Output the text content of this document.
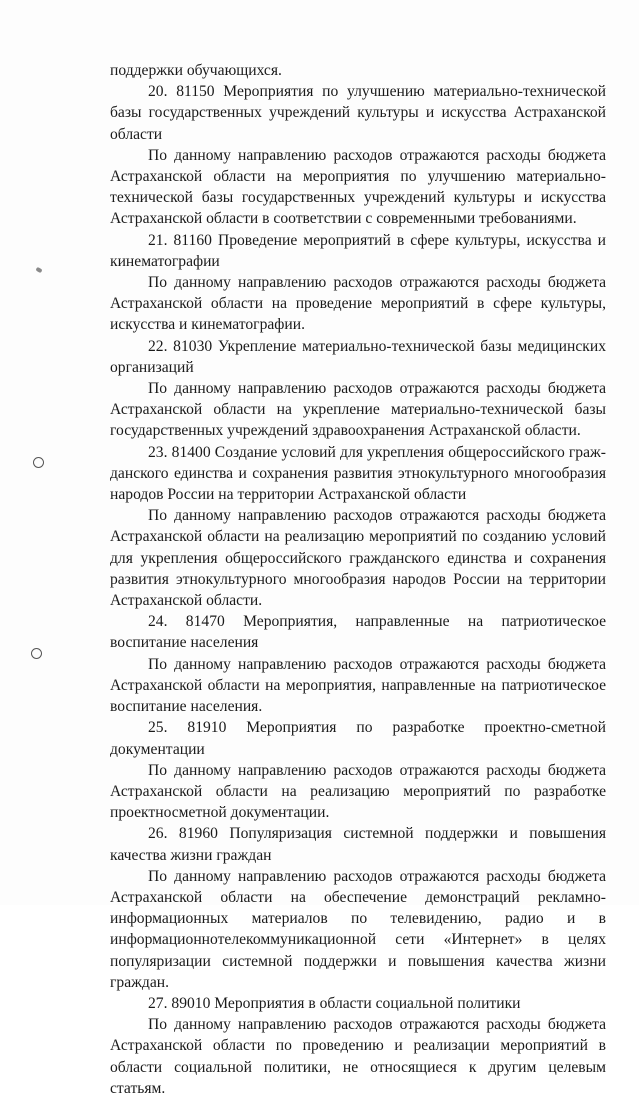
поддержки обучающихся.

20. 81150 Мероприятия по улучшению материально-технической базы государственных учреждений культуры и искусства Астраханской области

По данному направлению расходов отражаются расходы бюджета Астраханской области на мероприятия по улучшению материально-технической базы государственных учреждений культуры и искусства Астраханской области в соответствии с современными требованиями.

21. 81160 Проведение мероприятий в сфере культуры, искусства и кинематографии

По данному направлению расходов отражаются расходы бюджета Астраханской области на проведение мероприятий в сфере культуры, искусства и кинематографии.

22. 81030 Укрепление материально-технической базы медицинских организаций

По данному направлению расходов отражаются расходы бюджета Астраханской области на укрепление материально-технической базы государственных учреждений здравоохранения Астраханской области.

23. 81400 Создание условий для укрепления общероссийского гражданского единства и сохранения развития этнокультурного многообразия народов России на территории Астраханской области

По данному направлению расходов отражаются расходы бюджета Астраханской области на реализацию мероприятий по созданию условий для укрепления общероссийского гражданского единства и сохранения развития этнокультурного многообразия народов России на территории Астраханской области.

24. 81470 Мероприятия, направленные на патриотическое воспитание населения

По данному направлению расходов отражаются расходы бюджета Астраханской области на мероприятия, направленные на патриотическое воспитание населения.

25. 81910 Мероприятия по разработке проектно-сметной документации

По данному направлению расходов отражаются расходы бюджета Астраханской области на реализацию мероприятий по разработке проектносметной документации.

26. 81960 Популяризация системной поддержки и повышения качества жизни граждан

По данному направлению расходов отражаются расходы бюджета Астраханской области на обеспечение демонстраций рекламно-информационных материалов по телевидению, радио и в информационнотелекоммуникационной сети «Интернет» в целях популяризации системной поддержки и повышения качества жизни граждан.

27. 89010 Мероприятия в области социальной политики

По данному направлению расходов отражаются расходы бюджета Астраханской области по проведению и реализации мероприятий в области социальной политики, не относящиеся к другим целевым статьям.
